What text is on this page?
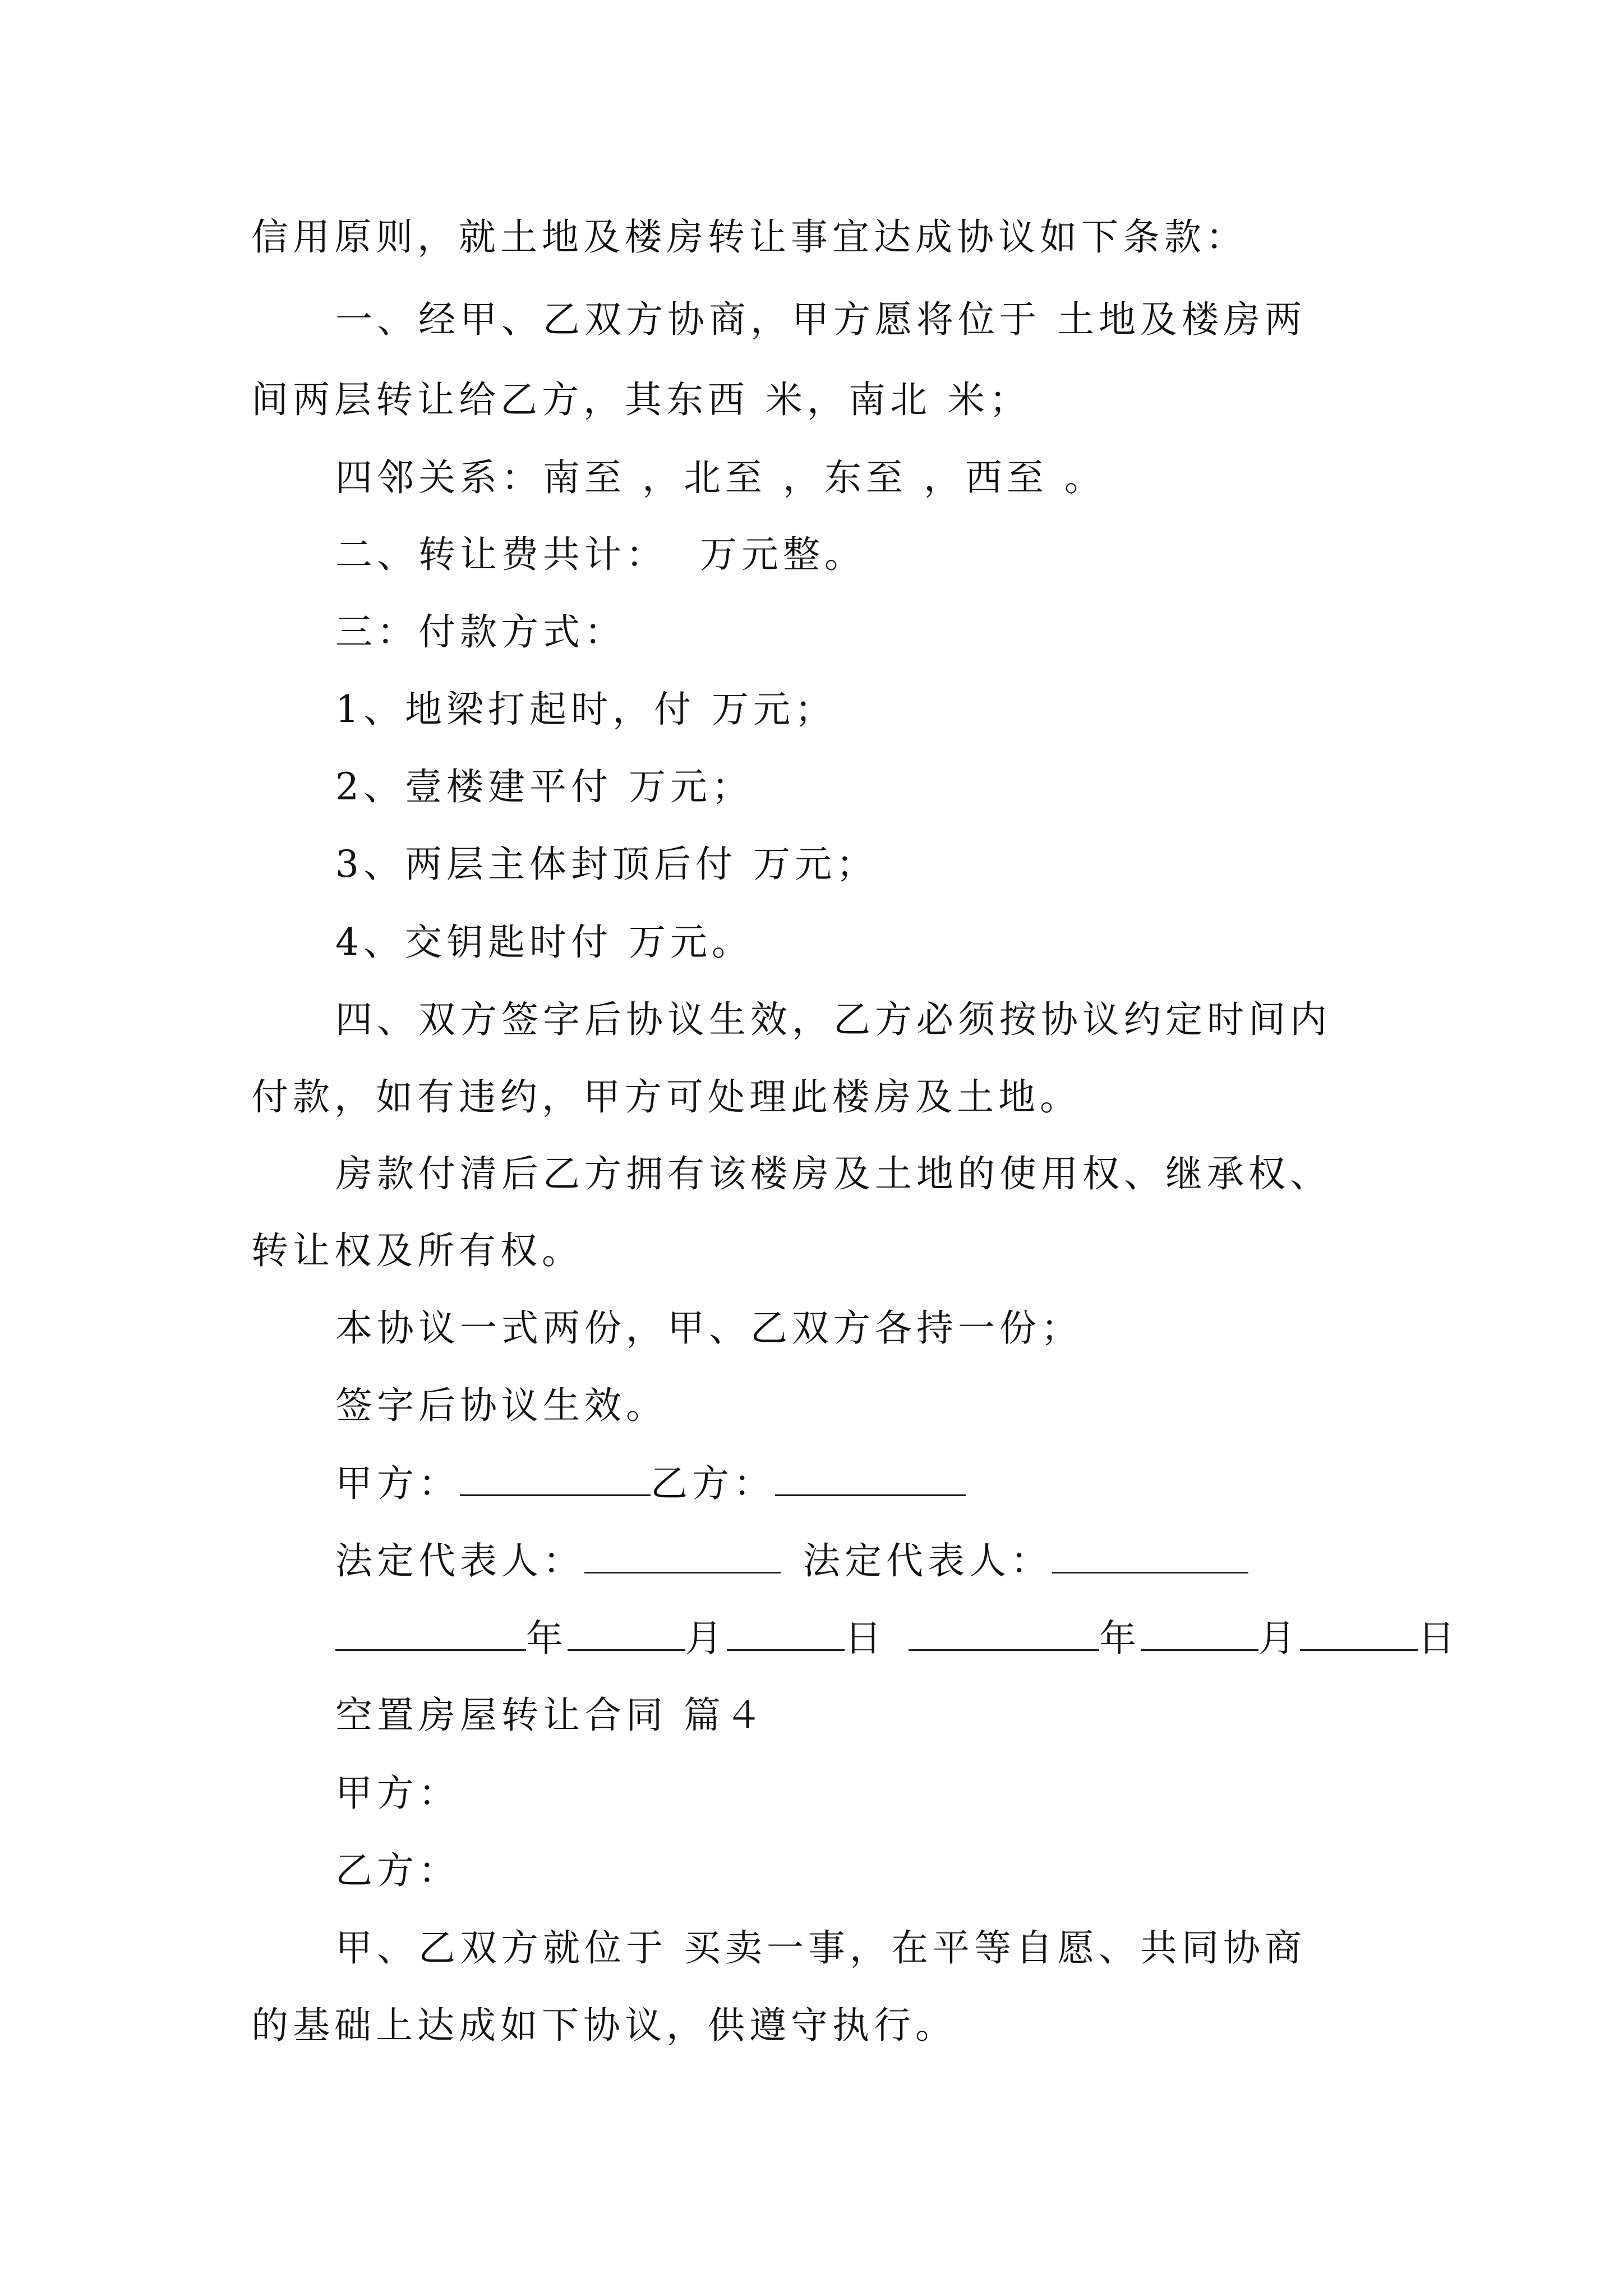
信用原则，就土地及楼房转让事宜达成协议如下条款：
一、经甲、乙双方协商，甲方愿将位于 土地及楼房两
间两层转让给乙方，其东西 米，南北 米；
四邻关系：南至 ，北至 ，东至 ，西至 。
二、转让费共计：  万元整。
三：付款方式：
1、地梁打起时，付 万元；
2、壹楼建平付 万元；
3、两层主体封顶后付 万元；
4、交钥匙时付 万元。
四、双方签字后协议生效，乙方必须按协议约定时间内
付款，如有违约，甲方可处理此楼房及土地。
房款付清后乙方拥有该楼房及土地的使用权、继承权、
转让权及所有权。
本协议一式两份，甲、乙双方各持一份；
签字后协议生效。
甲方：	乙方：
法定代表人：	法定代表人：
年	月	日	年	月	日
空置房屋转让合同 篇４
甲方：
乙方：
甲、乙双方就位于 买卖一事，在平等自愿、共同协商
的基础上达成如下协议，供遵守执行。
